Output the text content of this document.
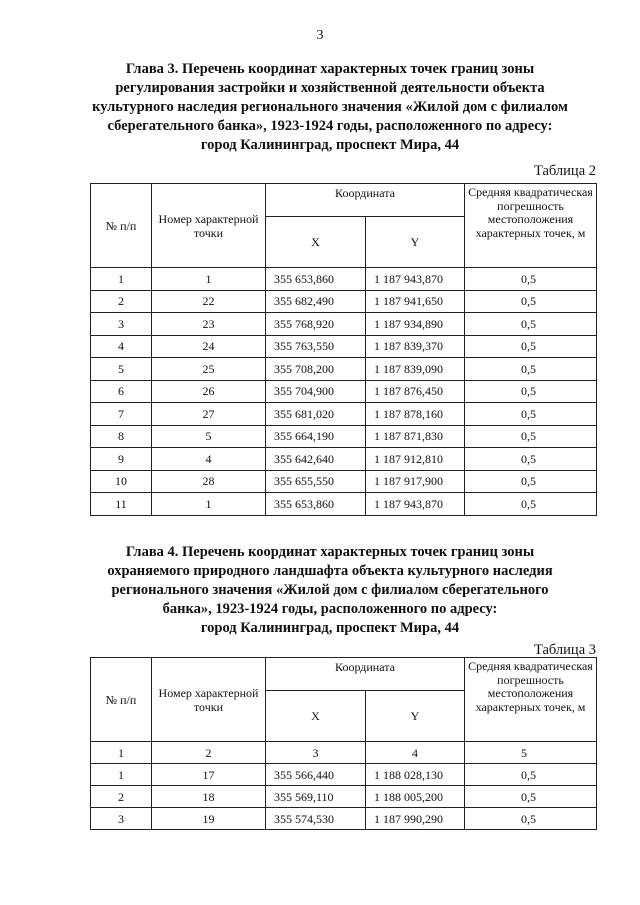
3
Глава 3. Перечень координат характерных точек границ зоны
регулирования застройки и хозяйственной деятельности объекта
культурного наследия регионального значения «Жилой дом с филиалом
сберегательного банка», 1923-1924 годы, расположенного по адресу:
город Калининград, проспект Мира, 44
Таблица 2
№ п/п	Номер характерной точки	Координата		Средняя квадратическая погрешность местоположения характерных точек, м
		X	Y	
1	1	355 653,860	1 187 943,870	0,5
2	22	355 682,490	1 187 941,650	0,5
3	23	355 768,920	1 187 934,890	0,5
4	24	355 763,550	1 187 839,370	0,5
5	25	355 708,200	1 187 839,090	0,5
6	26	355 704,900	1 187 876,450	0,5
7	27	355 681,020	1 187 878,160	0,5
8	5	355 664,190	1 187 871,830	0,5
9	4	355 642,640	1 187 912,810	0,5
10	28	355 655,550	1 187 917,900	0,5
11	1	355 653,860	1 187 943,870	0,5
Глава 4. Перечень координат характерных точек границ зоны
охраняемого природного ландшафта объекта культурного наследия
регионального значения «Жилой дом с филиалом сберегательного
банка», 1923-1924 годы, расположенного по адресу:
город Калининград, проспект Мира, 44
Таблица 3
№ п/п	Номер характерной точки	Координата		Средняя квадратическая погрешность местоположения характерных точек, м
		X	Y	
1	2	3	4	5
1	17	355 566,440	1 188 028,130	0,5
2	18	355 569,110	1 188 005,200	0,5
3	19	355 574,530	1 187 990,290	0,5
